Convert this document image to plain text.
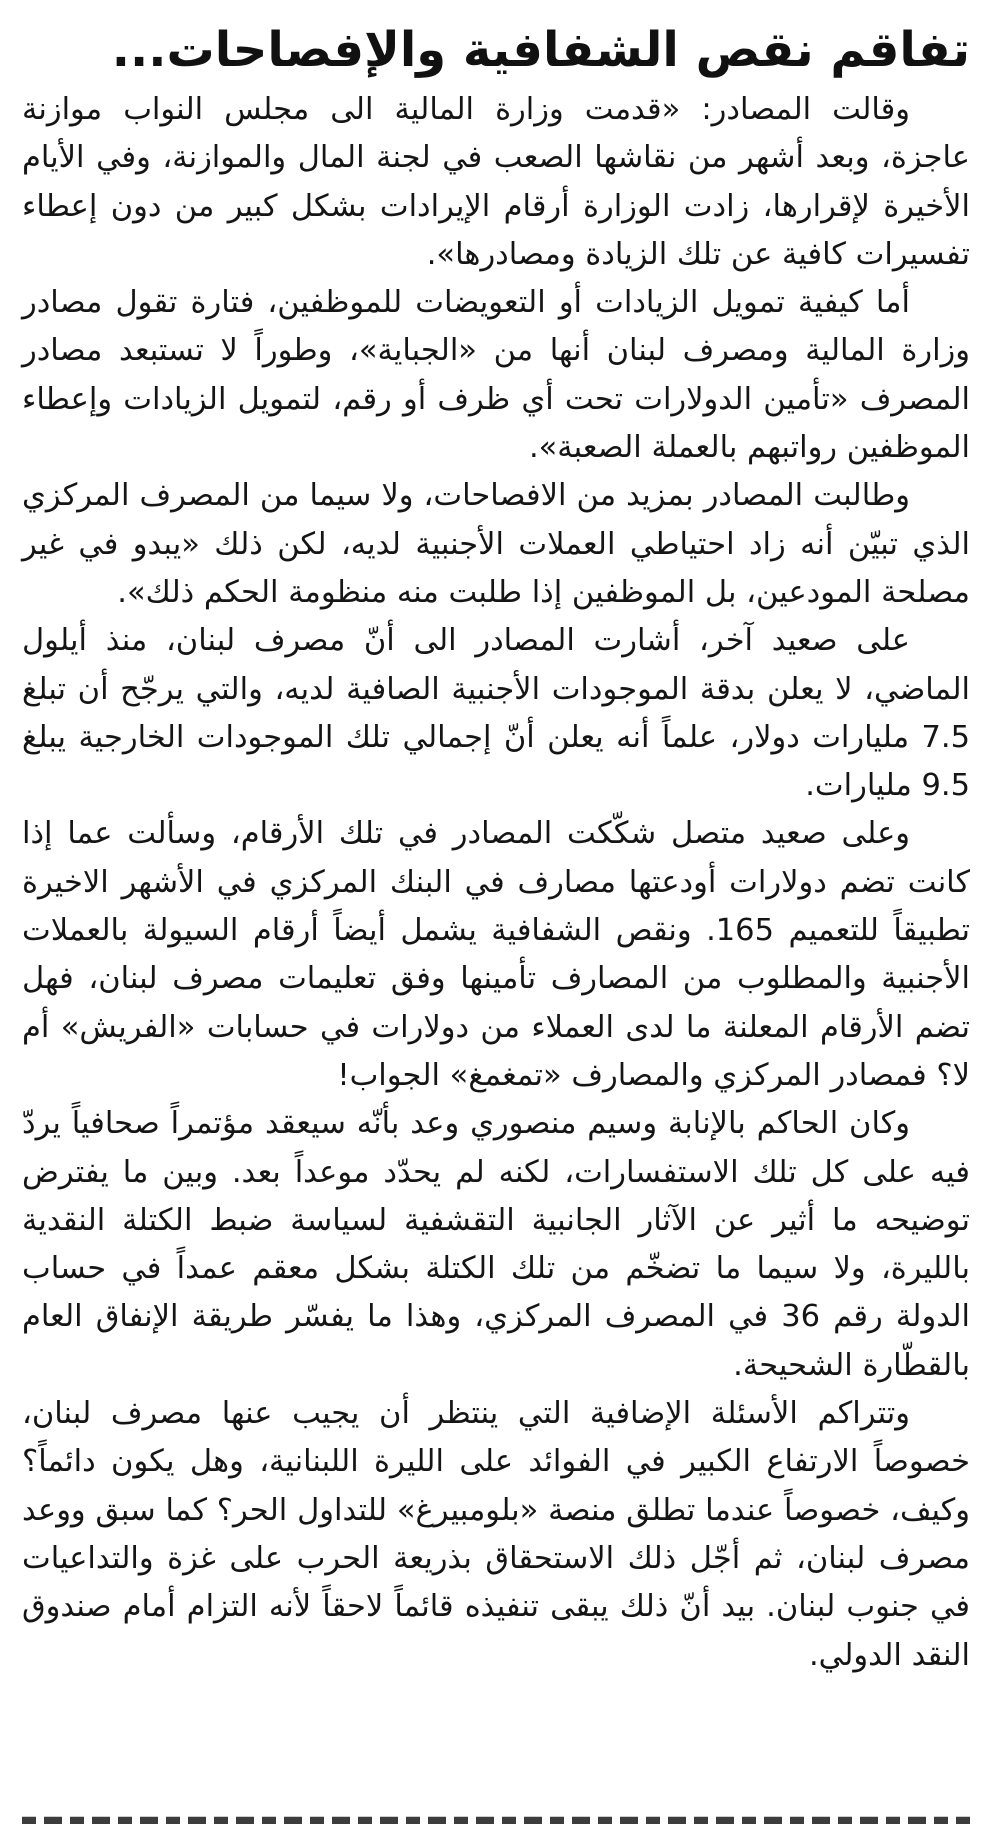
تفاقم نقص الشفافية والإفصاحات...

وقالت المصادر: «قدمت وزارة المالية الى مجلس النواب موازنة عاجزة، وبعد أشهر من نقاشها الصعب في لجنة المال والموازنة، وفي الأيام الأخيرة لإقرارها، زادت الوزارة أرقام الإيرادات بشكل كبير من دون إعطاء تفسيرات كافية عن تلك الزيادة ومصادرها».

أما كيفية تمويل الزيادات أو التعويضات للموظفين، فتارة تقول مصادر وزارة المالية ومصرف لبنان أنها من «الجباية»، وطوراً لا تستبعد مصادر المصرف «تأمين الدولارات تحت أي ظرف أو رقم، لتمويل الزيادات وإعطاء الموظفين رواتبهم بالعملة الصعبة».

وطالبت المصادر بمزيد من الافصاحات، ولا سيما من المصرف المركزي الذي تبيّن أنه زاد احتياطي العملات الأجنبية لديه، لكن ذلك «يبدو في غير مصلحة المودعين، بل الموظفين إذا طلبت منه منظومة الحكم ذلك».

على صعيد آخر، أشارت المصادر الى أنّ مصرف لبنان، منذ أيلول الماضي، لا يعلن بدقة الموجودات الأجنبية الصافية لديه، والتي يرجّح أن تبلغ 7.5 مليارات دولار، علماً أنه يعلن أنّ إجمالي تلك الموجودات الخارجية يبلغ 9.5 مليارات.

وعلى صعيد متصل شكّكت المصادر في تلك الأرقام، وسألت عما إذا كانت تضم دولارات أودعتها مصارف في البنك المركزي في الأشهر الاخيرة تطبيقاً للتعميم 165. ونقص الشفافية يشمل أيضاً أرقام السيولة بالعملات الأجنبية والمطلوب من المصارف تأمينها وفق تعليمات مصرف لبنان، فهل تضم الأرقام المعلنة ما لدى العملاء من دولارات في حسابات «الفريش» أم لا؟ فمصادر المركزي والمصارف «تمغمغ» الجواب!

وكان الحاكم بالإنابة وسيم منصوري وعد بأنّه سيعقد مؤتمراً صحافياً يردّ فيه على كل تلك الاستفسارات، لكنه لم يحدّد موعداً بعد. وبين ما يفترض توضيحه ما أثير عن الآثار الجانبية التقشفية لسياسة ضبط الكتلة النقدية بالليرة، ولا سيما ما تضخّم من تلك الكتلة بشكل معقم عمداً في حساب الدولة رقم 36 في المصرف المركزي، وهذا ما يفسّر طريقة الإنفاق العام بالقطّارة الشحيحة.

وتتراكم الأسئلة الإضافية التي ينتظر أن يجيب عنها مصرف لبنان، خصوصاً الارتفاع الكبير في الفوائد على الليرة اللبنانية، وهل يكون دائماً؟ وكيف، خصوصاً عندما تطلق منصة «بلومبيرغ» للتداول الحر؟ كما سبق ووعد مصرف لبنان، ثم أجّل ذلك الاستحقاق بذريعة الحرب على غزة والتداعيات في جنوب لبنان. بيد أنّ ذلك يبقى تنفيذه قائماً لاحقاً لأنه التزام أمام صندوق النقد الدولي.
